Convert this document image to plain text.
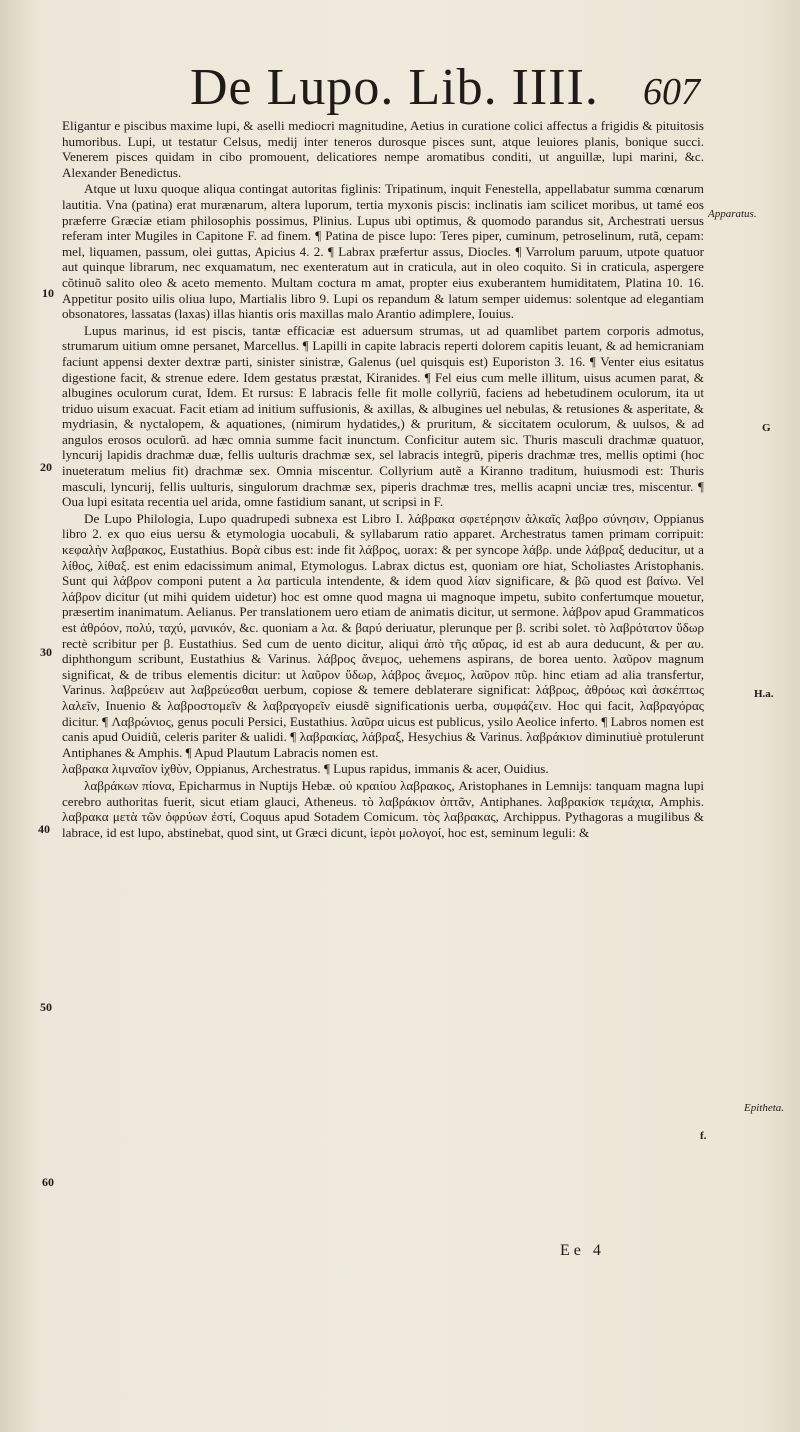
De Lupo. Lib. IIII. 607

Eligantur e piscibus maxime lupi, & aselli mediocri magnitudine, Aetius in curatione colici affectus a frigidis & pituitosis humoribus. Lupi, ut testatur Celsus, medij inter teneros durosque pisces sunt, atque leuiores planis, bonique succi. Venerem pisces quidam in cibo promouent, delicatiores nempe aromatibus conditi, ut anguillæ, lupi marini, &c. Alexander Benedictus.

Atque ut luxu quoque aliqua contingat autoritas figlinis: Tripatinum, inquit Fenestella, appellabatur summa cœnarum lautitia. Vna (patina) erat murænarum, altera luporum, tertia myxonis piscis: inclinatis iam scilicet moribus, ut tamé eos præferre Græciæ etiam philosophis possimus, Plinius. Lupus ubi optimus, & quomodo parandus sit, Archestrati uersus referam inter Mugiles in Capitone F. ad finem. ¶ Patina de pisce lupo: Teres piper, cuminum, petroselinum, rutã, cepam: mel, liquamen, passum, olei guttas, Apicius 4. 2. ¶ Labrax præfertur assus, Diocles. ¶ Varrolum paruum, utpote quatuor aut quinque librarum, nec exquamatum, nec exenteratum aut in craticula, aut in oleo coquito. Si in craticula, aspergere cõtinuõ salito oleo & aceto memento. Multam coctura m amat, propter eius exuberantem humiditatem, Platina 10. 16. Appetitur posito uilis oliua lupo, Martialis libro 9. Lupi os repandum & latum semper uidemus: solentque ad elegantiam obsonatores, lassatas (laxas) illas hiantis oris maxillas malo Arantio adimplere, Iouius.

Lupus marinus, id est piscis, tantæ efficaciæ est aduersum strumas, ut ad quamlibet partem corporis admotus, strumarum uitium omne persanet, Marcellus. ¶ Lapilli in capite labracis reperti dolorem capitis leuant, & ad hemicraniam faciunt appensi dexter dextræ parti, sinister sinistræ, Galenus (uel quisquis est) Euporiston 3. 16. ¶ Venter eius esitatus digestione facit, & strenue edere. Idem gestatus præstat, Kiranides. ¶ Fel eius cum melle illitum, uisus acumen parat, & albugines oculorum curat, Idem. Et rursus: E labracis felle fit molle collyriũ, faciens ad hebetudinem oculorum, ita ut triduo uisum exacuat. Facit etiam ad initium suffusionis, & axillas, & albugines uel nebulas, & retusiones & asperitate, & mydriasin, & nyctalopem, & aquationes, (nimirum hydatides,) & pruritum, & siccitatem oculorum, & uulsos, & ad angulos erosos oculorũ. ad hæc omnia summe facit inunctum. Conficitur autem sic. Thuris masculi drachmæ quatuor, lyncurij lapidis drachmæ duæ, fellis uulturis drachmæ sex, sel labracis integrũ, piperis drachmæ tres, mellis optimi (hoc inueteratum melius fit) drachmæ sex. Omnia miscentur. Collyrium autẽ a Kiranno traditum, huiusmodi est: Thuris masculi, lyncurij, fellis uulturis, singulorum drachmæ sex, piperis drachmæ tres, mellis acapni unciæ tres, miscentur. ¶ Oua lupi esitata recentia uel arida, omne fastidium sanant, ut scripsi in F.

De Lupo Philologia, Lupo quadrupedi subnexa est Libro I. λάβρακα σφετέρησιν ἀλκαῖς λαβρο σύνησιν, Oppianus libro 2. ex quo eius uersu & etymologia uocabuli, & syllabarum ratio apparet. Archestratus tamen primam corripuit: κεφαλὴν λαβρακος, Eustathius. Βορὰ cibus est: inde fit λάβρος, uorax: & per syncope λάβρ. unde λάβραξ deducitur, ut a λίθος, λίθαξ. est enim edacissimum animal, Etymologus. Labrax dictus est, quoniam ore hiat, Scholiastes Aristophanis. Sunt qui λάβρον componi putent a λα particula intendente, & idem quod λίαν significare, & βῶ quod est βαίνω. Vel λάβρον dicitur (ut mihi quidem uidetur) hoc est omne quod magna ui magnoque impetu, subito confertumque mouetur, præsertim inanimatum. Aelianus. Per translationem uero etiam de animatis dicitur, ut sermone. λάβρον apud Grammaticos est ἀθρόον, πολύ, ταχύ, μανικόν, &c. quoniam a λα. & βαρύ deriuatur, plerunque per β. scribi solet. τὸ λαβρότατον ὕδωρ rectè scribitur per β. Eustathius. Sed cum de uento dicitur, aliqui ἀπὸ τῆς αὔρας, id est ab aura deducunt, & per αυ. diphthongum scribunt, Eustathius & Varinus. λάβρος ἄνεμος, uehemens aspirans, de borea uento. λαῦρον magnum significat, & de tribus elementis dicitur: ut λαῦρον ὕδωρ, λάβρος ἄνεμος, λαῦρον πῦρ. hinc etiam ad alia transfertur, Varinus. λαβρεύειν aut λαβρεύεσθαι uerbum, copiose & temere deblaterare significat: λάβρως, ἀθρόως καὶ ἀσκέπτως λαλεῖν, Inuenio & λαβροστομεῖν & λαβραγορεῖν eiusdẽ significationis uerba, συμφάζειν. Hoc qui facit, λαβραγόρας dicitur. ¶ Λαβρώνιος, genus poculi Persici, Eustathius. λαῦρα uicus est publicus, ysilo Aeolice inferto. ¶ Labros nomen est canis apud Ouidiũ, celeris pariter & ualidi. ¶ λαβρακίας, λάβραξ, Hesychius & Varinus. λαβράκιον diminutiuè protulerunt Antiphanes & Amphis. ¶ Apud Plautum Labracis nomen est.

λαβρακα λιμναῖον ἰχθὺν, Oppianus, Archestratus. ¶ Lupus rapidus, immanis & acer, Ouidius.

λαβράκων πίονα, Epicharmus in Nuptijs Hebæ. οὐ κραιίου λαβρακος, Aristophanes in Lemnijs: tanquam magna lupi cerebro authoritas fuerit, sicut etiam glauci, Atheneus. τὸ λαβράκιον ὀπτᾶν, Antiphanes. λαβρακίσκ τεμάχια, Amphis. λαβρακα μετὰ τῶν ὀφρύων ἐστί, Coquus apud Sotadem Comicum. τὸς λαβρακας, Archippus. Pythagoras a mugilibus & labrace, id est lupo, abstinebat, quod sint, ut Græci dicunt, ἱερὸι μολογοί, hoc est, seminum leguli: &

Apparatus.
G
H.a.
Epitheta.
f.
10
20
30
40
50
60
Ee 4
